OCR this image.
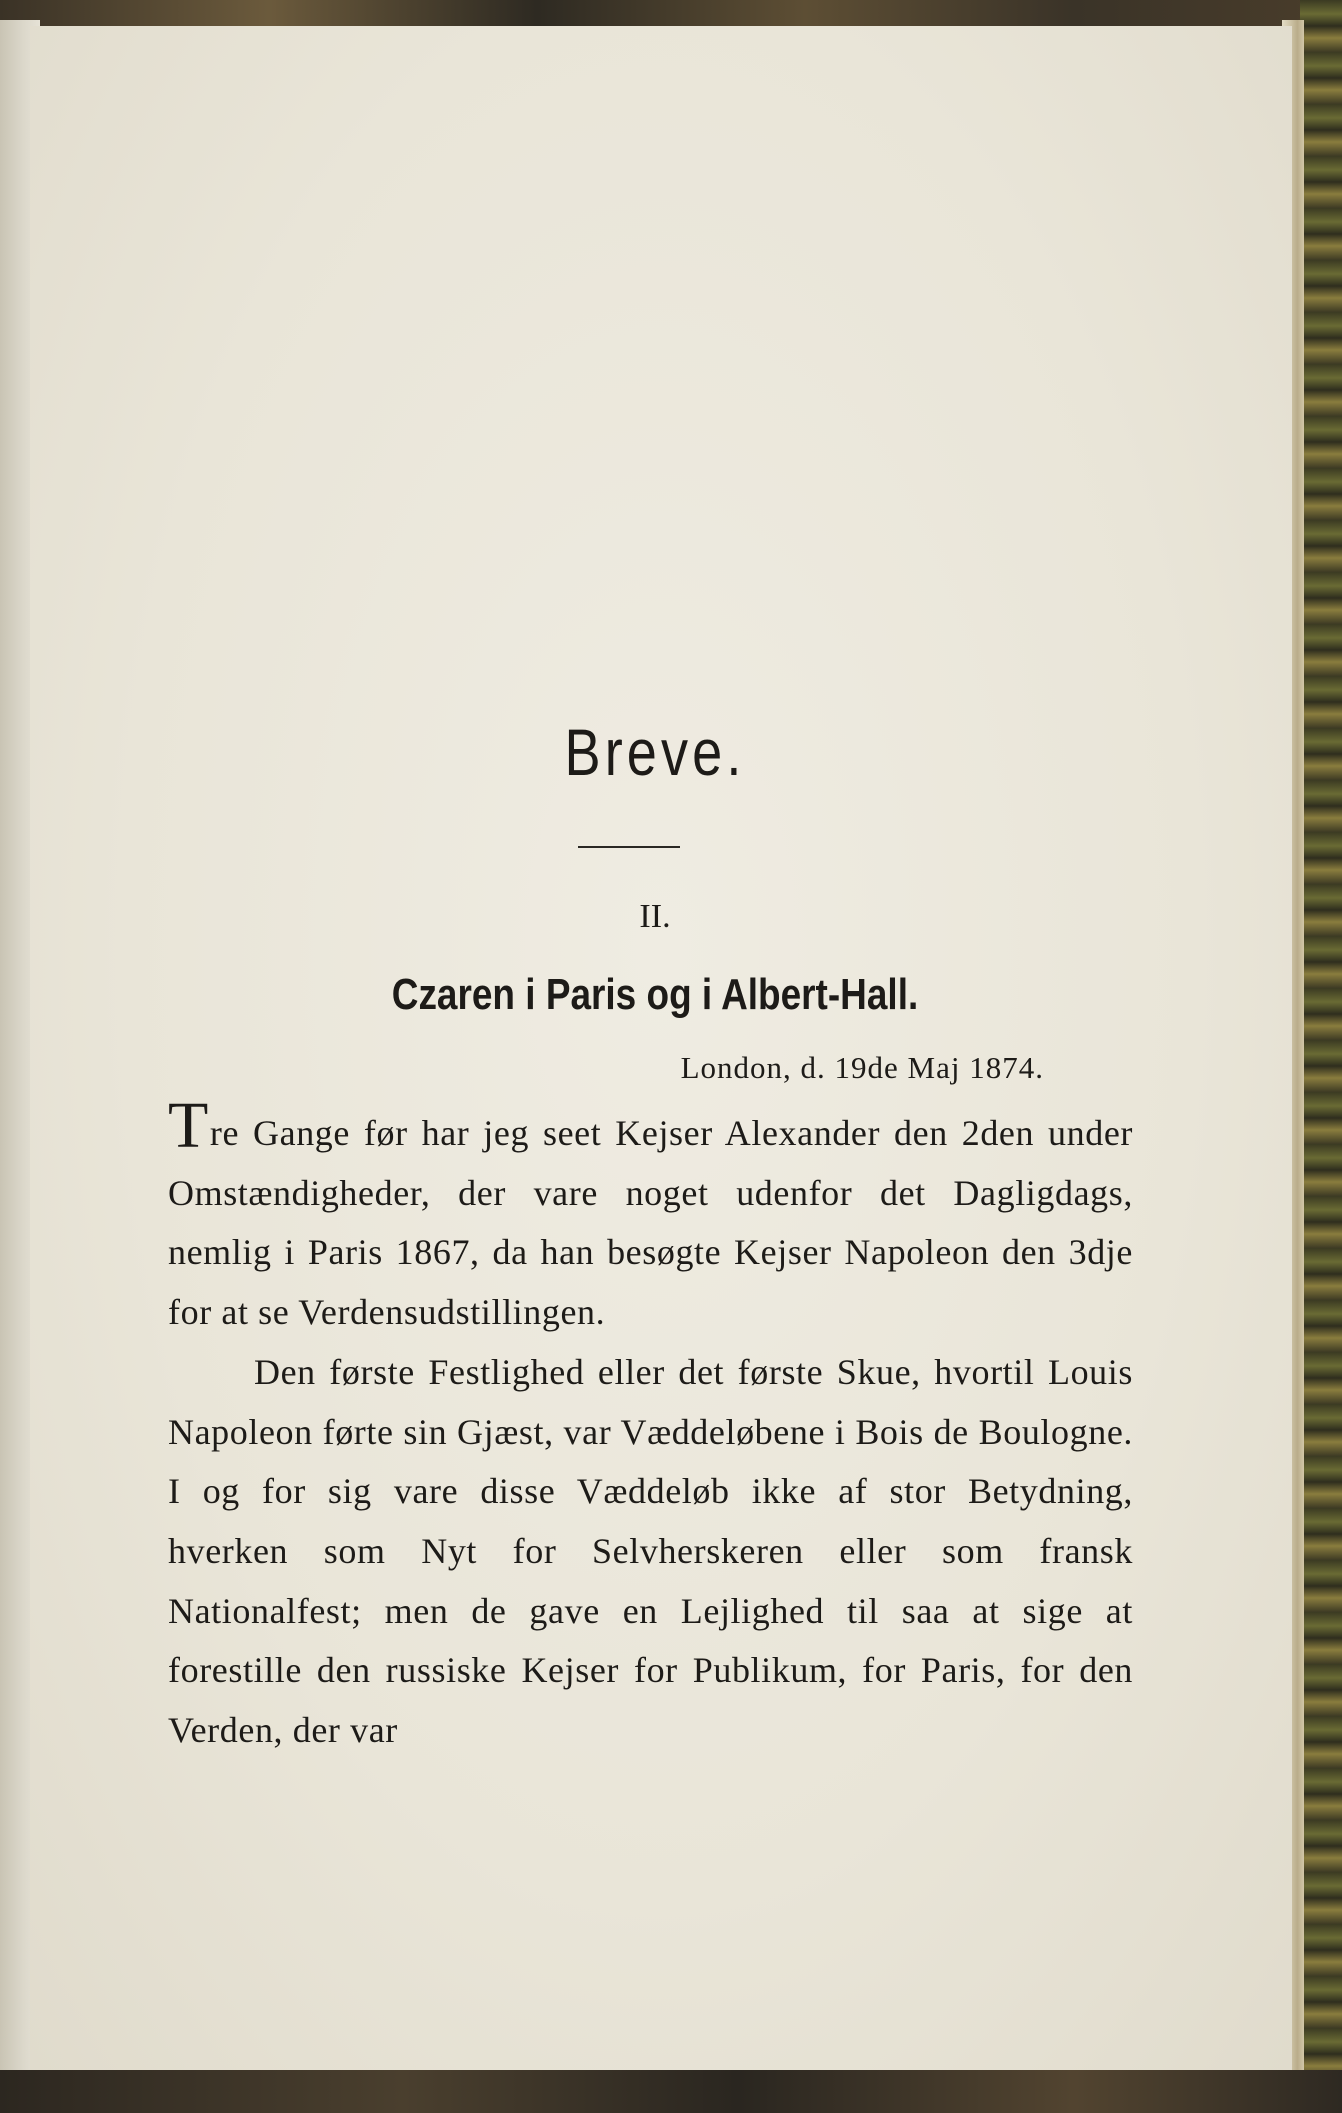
Breve.
II.
Czaren i Paris og i Albert-Hall.
London, d. 19de Maj 1874.

Tre Gange før har jeg seet Kejser Alexander den 2den under Omstændigheder, der vare noget udenfor det Dagligdags, nemlig i Paris 1867, da han besøgte Kejser Napoleon den 3dje for at se Verdensudstillingen.

Den første Festlighed eller det første Skue, hvortil Louis Napoleon førte sin Gjæst, var Væddeløbene i Bois de Boulogne. I og for sig vare disse Væddeløb ikke af stor Betydning, hverken som Nyt for Selvherskeren eller som fransk Nationalfest; men de gave en Lejlighed til saa at sige at forestille den russiske Kejser for Publikum, for Paris, for den Verden, der var
